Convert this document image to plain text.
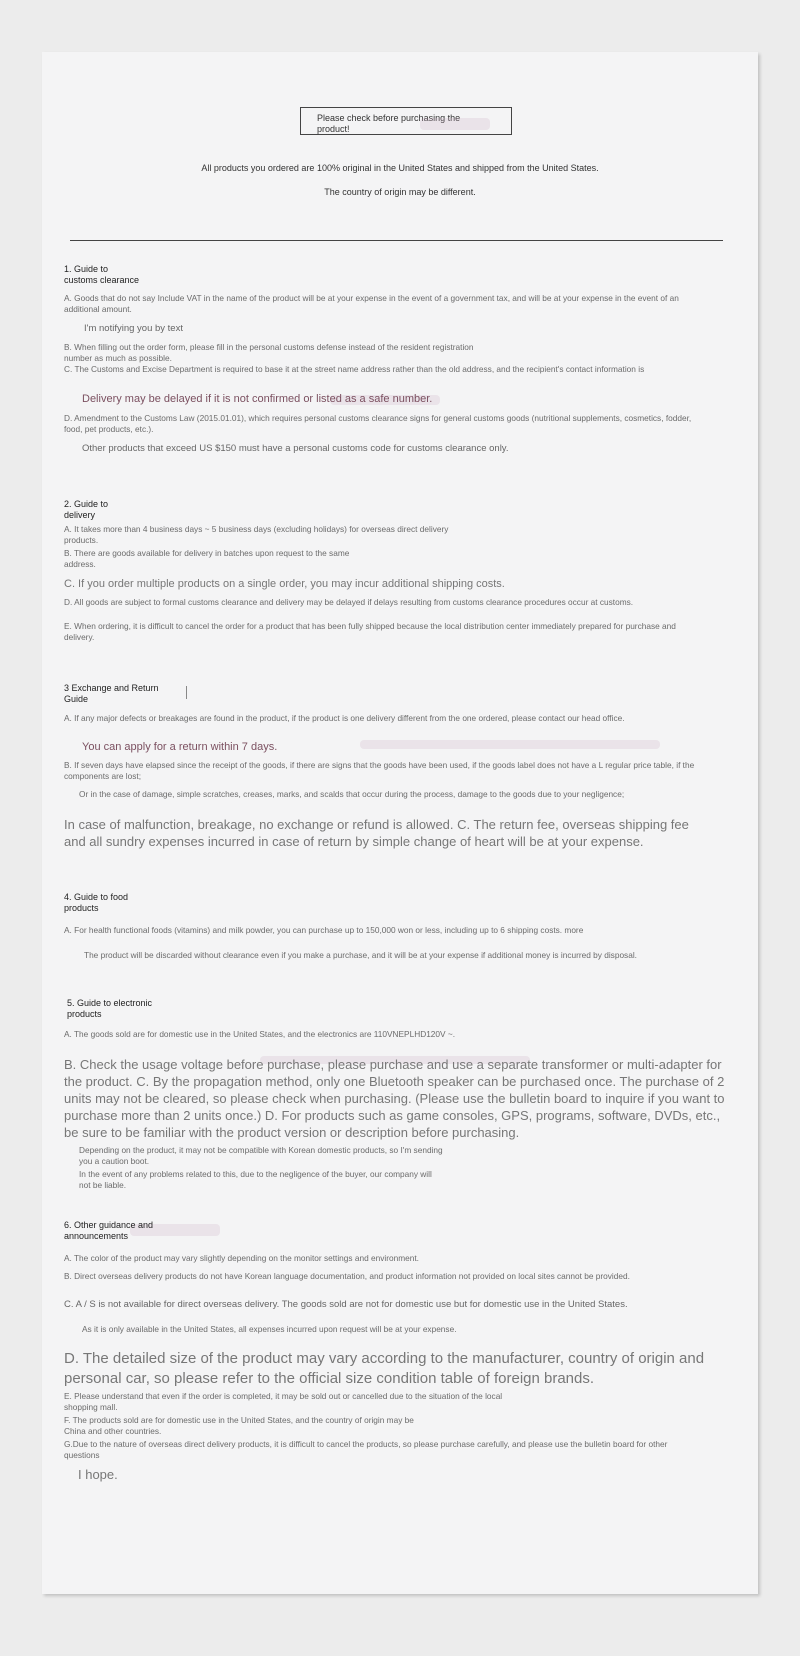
Please check before purchasing the product!
All products you ordered are 100% original in the United States and shipped from the United States.
The country of origin may be different.
1. Guide to
customs clearance
A. Goods that do not say Include VAT in the name of the product will be at your expense in the event of a government tax, and will be at your expense in the event of an additional amount.
I'm notifying you by text
B. When filling out the order form, please fill in the personal customs defense instead of the resident registration
number as much as possible.
C. The Customs and Excise Department is required to base it at the street name address rather than the old address, and the recipient's contact information is
Delivery may be delayed if it is not confirmed or listed as a safe number.
D. Amendment to the Customs Law (2015.01.01), which requires personal customs clearance signs for general customs goods (nutritional supplements, cosmetics, fodder, food, pet products, etc.).
Other products that exceed US $150 must have a personal customs code for customs clearance only.
2. Guide to
delivery
A. It takes more than 4 business days ~ 5 business days (excluding holidays) for overseas direct delivery
products.
B. There are goods available for delivery in batches upon request to the same
address.
C. If you order multiple products on a single order, you may incur additional shipping costs.
D. All goods are subject to formal customs clearance and delivery may be delayed if delays resulting from customs clearance procedures occur at customs.
E. When ordering, it is difficult to cancel the order for a product that has been fully shipped because the local distribution center immediately prepared for purchase and delivery.
3 Exchange and Return
Guide
A. If any major defects or breakages are found in the product, if the product is one delivery different from the one ordered, please contact our head office.
You can apply for a return within 7 days.
B. If seven days have elapsed since the receipt of the goods, if there are signs that the goods have been used, if the goods label does not have a L regular price table, if the components are lost;
Or in the case of damage, simple scratches, creases, marks, and scalds that occur during the process, damage to the goods due to your negligence;
In case of malfunction, breakage, no exchange or refund is allowed. C. The return fee, overseas shipping fee and all sundry expenses incurred in case of return by simple change of heart will be at your expense.
4. Guide to food
products
A. For health functional foods (vitamins) and milk powder, you can purchase up to 150,000 won or less, including up to 6 shipping costs. more
The product will be discarded without clearance even if you make a purchase, and it will be at your expense if additional money is incurred by disposal.
5. Guide to electronic
products
A. The goods sold are for domestic use in the United States, and the electronics are 110VNEPLHD120V ~.
B. Check the usage voltage before purchase, please purchase and use a separate transformer or multi-adapter for the product. C. By the propagation method, only one Bluetooth speaker can be purchased once. The purchase of 2 units may not be cleared, so please check when purchasing. (Please use the bulletin board to inquire if you want to purchase more than 2 units once.) D. For products such as game consoles, GPS, programs, software, DVDs, etc., be sure to be familiar with the product version or description before purchasing.
Depending on the product, it may not be compatible with Korean domestic products, so I'm sending
you a caution boot.
In the event of any problems related to this, due to the negligence of the buyer, our company will
not be liable.
6. Other guidance and
announcements
A. The color of the product may vary slightly depending on the monitor settings and environment.
B. Direct overseas delivery products do not have Korean language documentation, and product information not provided on local sites cannot be provided.
C. A / S is not available for direct overseas delivery. The goods sold are not for domestic use but for domestic use in the United States.
As it is only available in the United States, all expenses incurred upon request will be at your expense.
D. The detailed size of the product may vary according to the manufacturer, country of origin and personal car, so please refer to the official size condition table of foreign brands.
E. Please understand that even if the order is completed, it may be sold out or cancelled due to the situation of the local
shopping mall.
F. The products sold are for domestic use in the United States, and the country of origin may be
China and other countries.
G.Due to the nature of overseas direct delivery products, it is difficult to cancel the products, so please purchase carefully, and please use the bulletin board for other questions
I hope.
